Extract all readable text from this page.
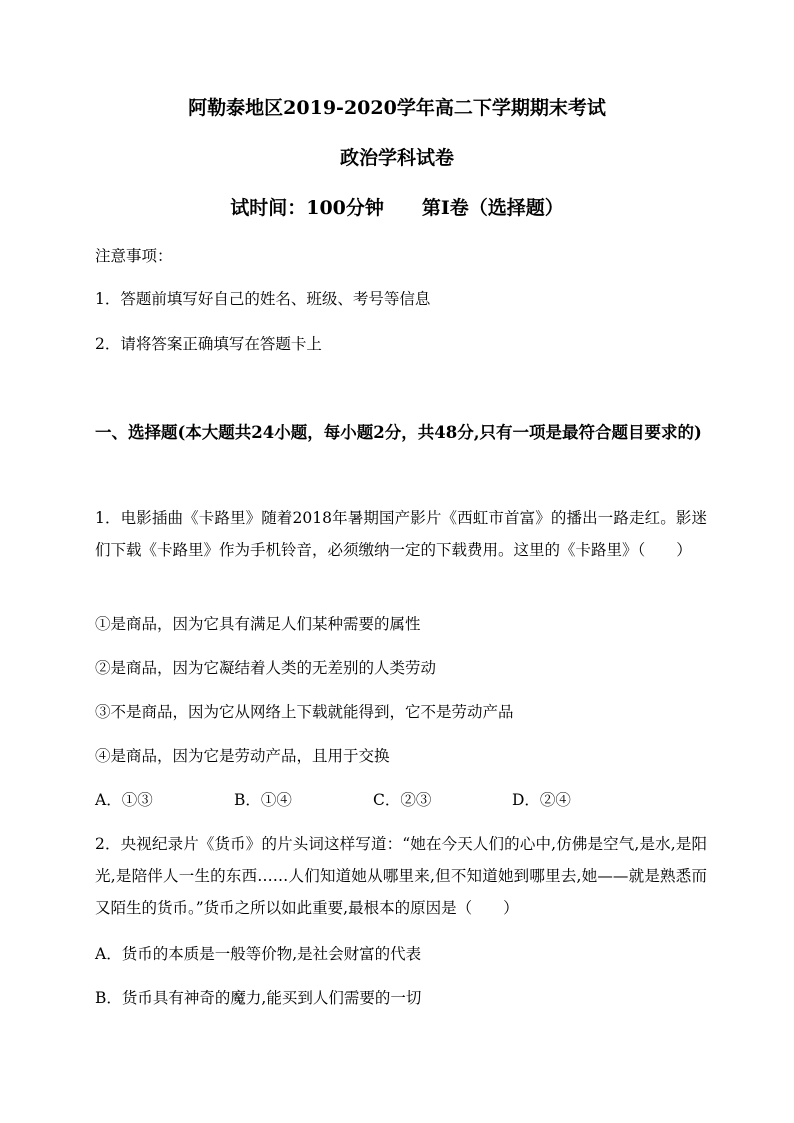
阿勒泰地区2019-2020学年高二下学期期末考试
政治学科试卷
试时间：100分钟　　第I卷（选择题）
注意事项：
1．答题前填写好自己的姓名、班级、考号等信息
2．请将答案正确填写在答题卡上
一、选择题(本大题共24小题，每小题2分，共48分,只有一项是最符合题目要求的)
1．电影插曲《卡路里》随着2018年暑期国产影片《西虹市首富》的播出一路走红。影迷们下载《卡路里》作为手机铃音，必须缴纳一定的下载费用。这里的《卡路里》（　　）
①是商品，因为它具有满足人们某种需要的属性
②是商品，因为它凝结着人类的无差别的人类劳动
③不是商品，因为它从网络上下载就能得到，它不是劳动产品
④是商品，因为它是劳动产品，且用于交换
A．①③	B．①④	C．②③	D．②④
2．央视纪录片《货币》的片头词这样写道：“她在今天人们的心中,仿佛是空气,是水,是阳光,是陪伴人一生的东西……人们知道她从哪里来,但不知道她到哪里去,她——就是熟悉而又陌生的货币。”货币之所以如此重要,最根本的原因是（　　）
A．货币的本质是一般等价物,是社会财富的代表
B．货币具有神奇的魔力,能买到人们需要的一切
